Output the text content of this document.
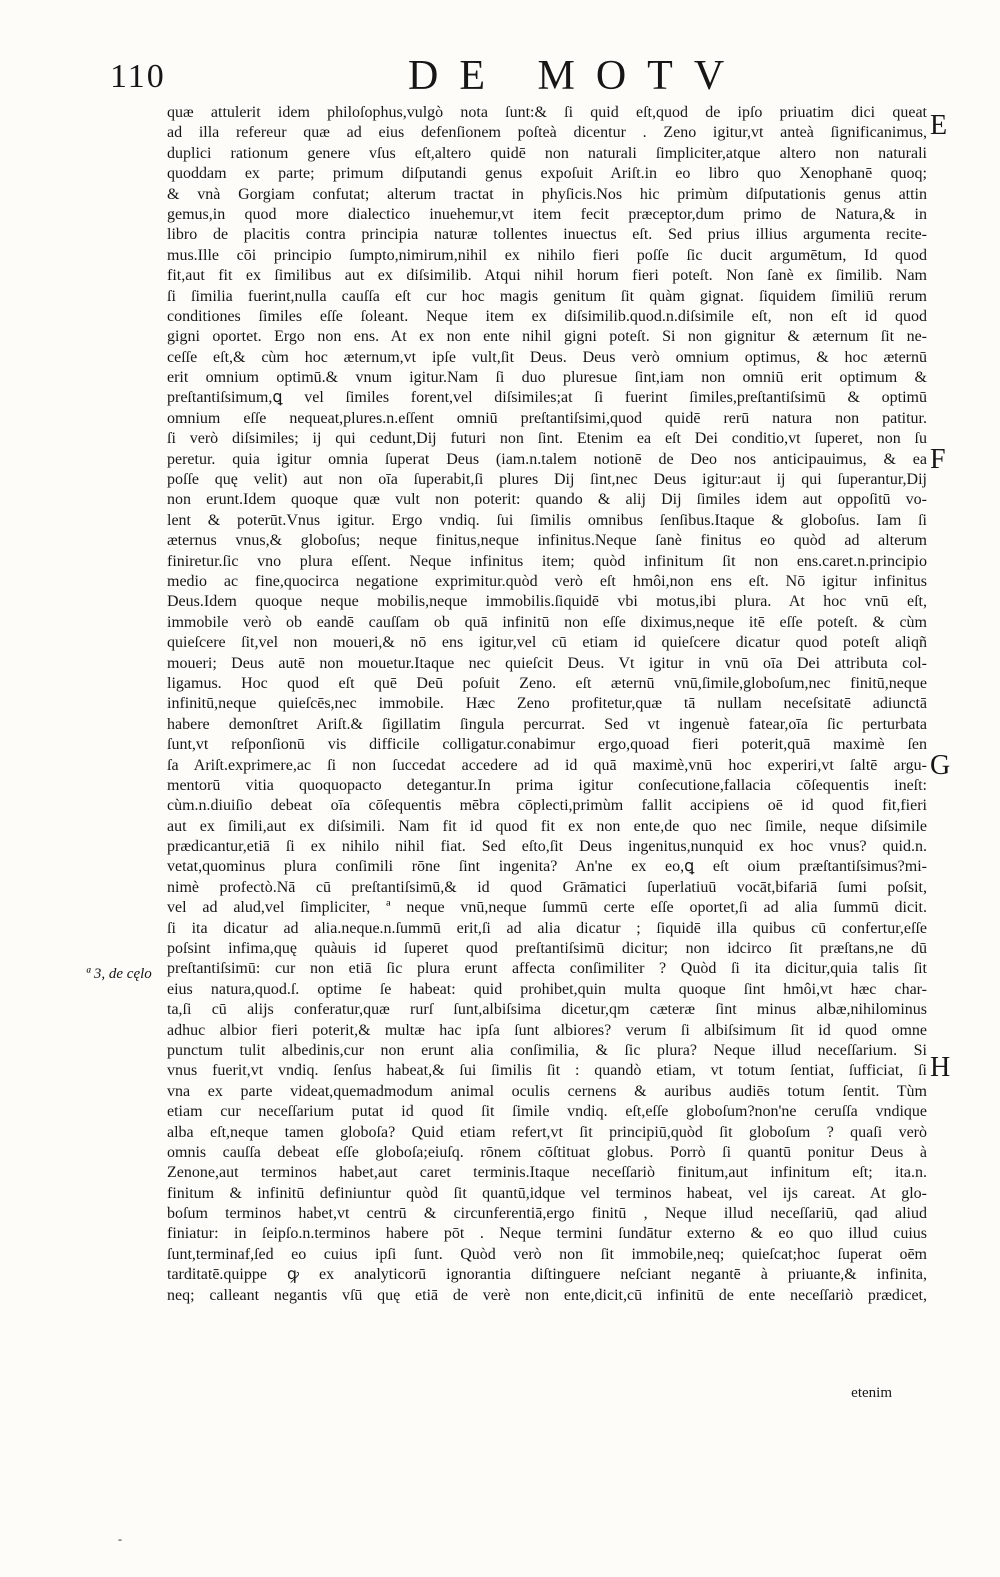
110	DE MOTV
quæ attulerit idem philoſophus,vulgò nota ſunt:& ſi quid eſt,quod de ipſo priuatim dici queat
ad illa refereur quæ ad eius defenſionem poſteà dicentur . Zeno igitur,vt anteà ſignificanimus,
duplici rationum genere vſus eſt,altero quidē non naturali ſimpliciter,atque altero non naturali
quoddam ex parte; primum diſputandi genus expoſuit Ariſt.in eo libro quo Xenophanē quoq;
& vnà Gorgiam confutat; alterum tractat in phyſicis.Nos hic primùm diſputationis genus attin
gemus,in quod more dialectico inuehemur,vt item fecit præceptor,dum primo de Natura,& in
libro de placitis contra principia naturæ tollentes inuectus eſt. Sed prius illius argumenta recite-
mus.Ille cōi principio ſumpto,nimirum,nihil ex nihilo fieri poſſe ſic ducit argumētum, Id quod
fit,aut fit ex ſimilibus aut ex diſsimilib. Atqui nihil horum fieri poteſt. Non ſanè ex ſimilib. Nam
ſi ſimilia fuerint,nulla cauſſa eſt cur hoc magis genitum ſit quàm gignat. ſiquidem ſimiliū rerum
conditiones ſimiles eſſe ſoleant. Neque item ex diſsimilib.quod.n.diſsimile eſt, non eſt id quod
gigni oportet. Ergo non ens. At ex non ente nihil gigni poteſt. Si non gignitur & æternum ſit ne-
ceſſe eſt,& cùm hoc æternum,vt ipſe vult,ſit Deus. Deus verò omnium optimus, & hoc æternū
erit omnium optimū.& vnum igitur.Nam ſi duo pluresue ſint,iam non omniū erit optimum &
preſtantiſsimum,ꝗ vel ſimiles forent,vel diſsimiles;at ſi fuerint ſimiles,preſtantiſsimū & optimū
omnium eſſe nequeat,plures.n.eſſent omniū preſtantiſsimi,quod quidē rerū natura non patitur.
ſi verò diſsimiles; ij qui cedunt,Dij futuri non ſint. Etenim ea eſt Dei conditio,vt ſuperet, non ſu
peretur. quia igitur omnia ſuperat Deus (iam.n.talem notionē de Deo nos anticipauimus, & ea
poſſe quę velit) aut non oīa ſuperabit,ſi plures Dij ſint,nec Deus igitur:aut ij qui ſuperantur,Dij
non erunt.Idem quoque quæ vult non poterit: quando & alij Dij ſimiles idem aut oppoſitū vo-
lent & poterūt.Vnus igitur. Ergo vndiq. ſui ſimilis omnibus ſenſibus.Itaque & globoſus. Iam ſi
æternus vnus,& globoſus; neque finitus,neque infinitus.Neque ſanè finitus eo quòd ad alterum
finiretur.ſic vno plura eſſent. Neque infinitus item; quòd infinitum ſit non ens.caret.n.principio
medio ac fine,quocirca negatione exprimitur.quòd verò eſt hmôi,non ens eſt. Nō igitur infinitus
Deus.Idem quoque neque mobilis,neque immobilis.ſiquidē vbi motus,ibi plura. At hoc vnū eſt,
immobile verò ob eandē cauſſam ob quā infinitū non eſſe diximus,neque itē eſſe poteſt. & cùm
quieſcere ſit,vel non moueri,& nō ens igitur,vel cū etiam id quieſcere dicatur quod poteſt aliqñ
moueri; Deus autē non mouetur.Itaque nec quieſcit Deus. Vt igitur in vnū oīa Dei attributa col-
ligamus. Hoc quod eſt quē Deū poſuit Zeno. eſt æternū vnū,ſimile,globoſum,nec finitū,neque
infinitū,neque quieſcēs,nec immobile. Hæc Zeno profitetur,quæ tā nullam neceſsitatē adiunctā
habere demonſtret Ariſt.& ſigillatim ſingula percurrat. Sed vt ingenuè fatear,oīa ſic perturbata
ſunt,vt reſponſionū vis difficile colligatur.conabimur ergo,quoad fieri poterit,quā maximè ſen
ſa Ariſt.exprimere,ac ſi non ſuccedat accedere ad id quā maximè,vnū hoc experiri,vt ſaltē argu-
mentorū vitia quoquopacto detegantur.In prima igitur conſecutione,fallacia cōſequentis ineſt:
cùm.n.diuiſio debeat oīa cōſequentis mēbra cōplecti,primùm fallit accipiens oē id quod fit,fieri
aut ex ſimili,aut ex diſsimili. Nam fit id quod fit ex non ente,de quo nec ſimile, neque diſsimile
prædicantur,etiā ſi ex nihilo nihil fiat. Sed eſto,ſit Deus ingenitus,nunquid ex hoc vnus? quid.n.
vetat,quominus plura conſimili rōne ſint ingenita? An'ne ex eo,ꝗ eſt oium præſtantiſsimus?mi-
nimè profectò.Nā cū preſtantiſsimū,& id quod Grāmatici ſuperlatiuū vocāt,bifariā ſumi poſsit,
vel ad alud,vel ſimpliciter, ª neque vnū,neque ſummū certe eſſe oportet,ſi ad alia ſummū dicit.
ſi ita dicatur ad alia.neque.n.ſummū erit,ſi ad alia dicatur ; ſiquidē illa quibus cū confertur,eſſe
poſsint infima,quę quàuis id ſuperet quod preſtantiſsimū dicitur; non idcirco ſit præſtans,ne dū
preſtantiſsimū: cur non etiā ſic plura erunt affecta conſimiliter ? Quòd ſi ita dicitur,quia talis ſit
eius natura,quod.ſ. optime ſe habeat: quid prohibet,quin multa quoque ſint hmôi,vt hæc char-
ta,ſi cū alijs conferatur,quæ rurſ ſunt,albiſsima dicetur,qm cæteræ ſint minus albæ,nihilominus
adhuc albior fieri poterit,& multæ hac ipſa ſunt albiores? verum ſi albiſsimum ſit id quod omne
punctum tulit albedinis,cur non erunt alia conſimilia, & ſic plura? Neque illud neceſſarium. Si
vnus fuerit,vt vndiq. ſenſus habeat,& ſui ſimilis ſit : quandò etiam, vt totum ſentiat, ſufficiat, ſi
vna ex parte videat,quemadmodum animal oculis cernens & auribus audiēs totum ſentit. Tùm
etiam cur neceſſarium putat id quod ſit ſimile vndiq. eſt,eſſe globoſum?non'ne ceruſſa vndique
alba eſt,neque tamen globoſa? Quid etiam refert,vt ſit principiū,quòd ſit globoſum ? quaſi verò
omnis cauſſa debeat eſſe globoſa;eiuſq. rōnem cōſtituat globus. Porrò ſi quantū ponitur Deus à
Zenone,aut terminos habet,aut caret terminis.Itaque neceſſariò finitum,aut infinitum eſt; ita.n.
finitum & infinitū definiuntur quòd ſit quantū,idque vel terminos habeat, vel ijs careat. At glo-
boſum terminos habet,vt centrū & circunferentiā,ergo finitū , Neque illud neceſſariū, qad aliud
finiatur: in ſeipſo.n.terminos habere pōt . Neque termini ſundātur externo & eo quo illud cuius
ſunt,terminaf,ſed eo cuius ipſi ſunt. Quòd verò non ſit immobile,neq; quieſcat;hoc ſuperat oēm
tarditatē.quippe ꝙ ex analyticorū ignorantia diſtinguere neſciant negantē à priuante,& infinita,
neq; calleant negantis vſū quę etiā de verè non ente,dicit,cū infinitū de ente neceſſariò prædicet,
E
F
G
H
ª 3, de cęlo
etenim
-
